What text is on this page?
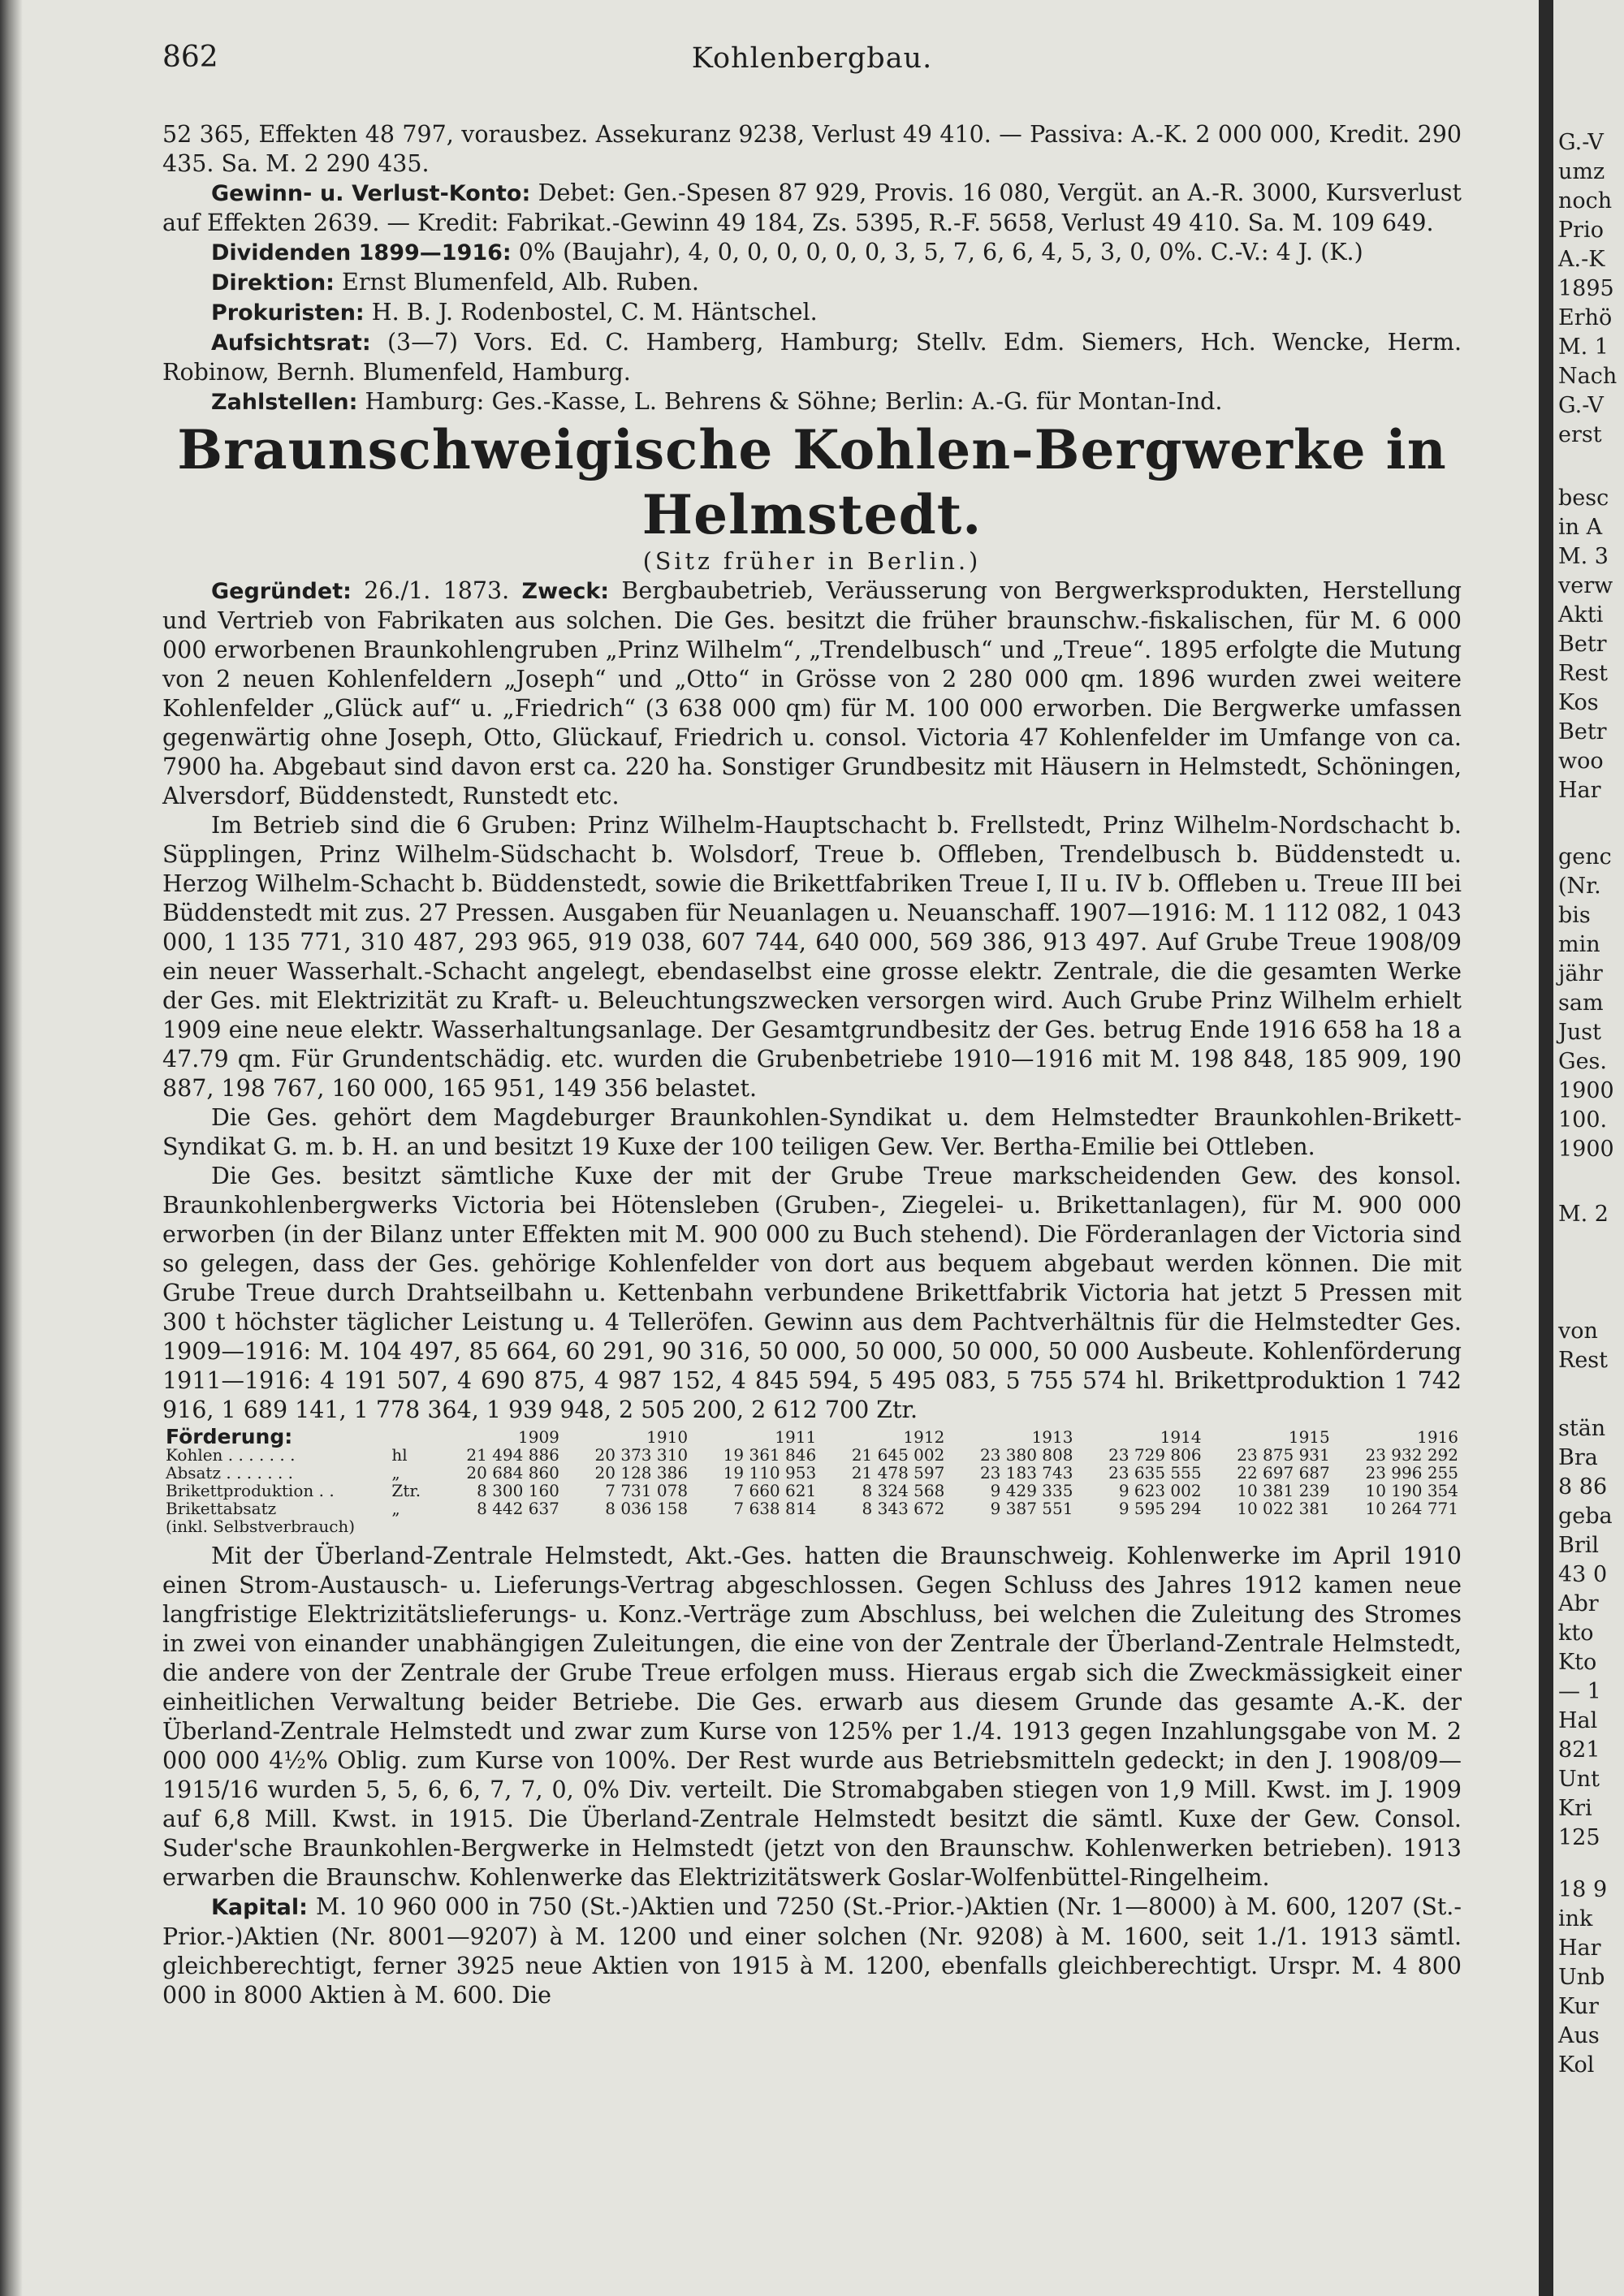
862	Kohlenbergbau.

52 365, Effekten 48 797, vorausbez. Assekuranz 9238, Verlust 49 410. — Passiva: A.-K. 2 000 000, Kredit. 290 435. Sa. M. 2 290 435.

Gewinn- u. Verlust-Konto: Debet: Gen.-Spesen 87 929, Provis. 16 080, Vergüt. an A.-R. 3000, Kursverlust auf Effekten 2639. — Kredit: Fabrikat.-Gewinn 49 184, Zs. 5395, R.-F. 5658, Verlust 49 410. Sa. M. 109 649.

Dividenden 1899—1916: 0% (Baujahr), 4, 0, 0, 0, 0, 0, 0, 3, 5, 7, 6, 6, 4, 5, 3, 0, 0%. C.-V.: 4 J. (K.)

Direktion: Ernst Blumenfeld, Alb. Ruben.

Prokuristen: H. B. J. Rodenbostel, C. M. Häntschel.

Aufsichtsrat: (3—7) Vors. Ed. C. Hamberg, Hamburg; Stellv. Edm. Siemers, Hch. Wencke, Herm. Robinow, Bernh. Blumenfeld, Hamburg.

Zahlstellen: Hamburg: Ges.-Kasse, L. Behrens & Söhne; Berlin: A.-G. für Montan-Ind.

Braunschweigische Kohlen-Bergwerke in Helmstedt.

(Sitz früher in Berlin.)

Gegründet: 26./1. 1873. Zweck: Bergbaubetrieb, Veräusserung von Bergwerksprodukten, Herstellung und Vertrieb von Fabrikaten aus solchen. Die Ges. besitzt die früher braunschw.-fiskalischen, für M. 6 000 000 erworbenen Braunkohlengruben „Prinz Wilhelm“, „Trendelbusch“ und „Treue“. 1895 erfolgte die Mutung von 2 neuen Kohlenfeldern „Joseph“ und „Otto“ in Grösse von 2 280 000 qm. 1896 wurden zwei weitere Kohlenfelder „Glück auf“ u. „Friedrich“ (3 638 000 qm) für M. 100 000 erworben. Die Bergwerke umfassen gegenwärtig ohne Joseph, Otto, Glückauf, Friedrich u. consol. Victoria 47 Kohlenfelder im Umfange von ca. 7900 ha. Abgebaut sind davon erst ca. 220 ha. Sonstiger Grundbesitz mit Häusern in Helmstedt, Schöningen, Alversdorf, Büddenstedt, Runstedt etc.

Im Betrieb sind die 6 Gruben: Prinz Wilhelm-Hauptschacht b. Frellstedt, Prinz Wilhelm-Nordschacht b. Süpplingen, Prinz Wilhelm-Südschacht b. Wolsdorf, Treue b. Offleben, Trendelbusch b. Büddenstedt u. Herzog Wilhelm-Schacht b. Büddenstedt, sowie die Brikettfabriken Treue I, II u. IV b. Offleben u. Treue III bei Büddenstedt mit zus. 27 Pressen. Ausgaben für Neuanlagen u. Neuanschaff. 1907—1916: M. 1 112 082, 1 043 000, 1 135 771, 310 487, 293 965, 919 038, 607 744, 640 000, 569 386, 913 497. Auf Grube Treue 1908/09 ein neuer Wasserhalt.-Schacht angelegt, ebendaselbst eine grosse elektr. Zentrale, die die gesamten Werke der Ges. mit Elektrizität zu Kraft- u. Beleuchtungszwecken versorgen wird. Auch Grube Prinz Wilhelm erhielt 1909 eine neue elektr. Wasserhaltungsanlage. Der Gesamtgrundbesitz der Ges. betrug Ende 1916 658 ha 18 a 47.79 qm. Für Grundentschädig. etc. wurden die Grubenbetriebe 1910—1916 mit M. 198 848, 185 909, 190 887, 198 767, 160 000, 165 951, 149 356 belastet.

Die Ges. gehört dem Magdeburger Braunkohlen-Syndikat u. dem Helmstedter Braunkohlen-Brikett-Syndikat G. m. b. H. an und besitzt 19 Kuxe der 100 teiligen Gew. Ver. Bertha-Emilie bei Ottleben.

Die Ges. besitzt sämtliche Kuxe der mit der Grube Treue markscheidenden Gew. des konsol. Braunkohlenbergwerks Victoria bei Hötensleben (Gruben-, Ziegelei- u. Brikettanlagen), für M. 900 000 erworben (in der Bilanz unter Effekten mit M. 900 000 zu Buch stehend). Die Förderanlagen der Victoria sind so gelegen, dass der Ges. gehörige Kohlenfelder von dort aus bequem abgebaut werden können. Die mit Grube Treue durch Drahtseilbahn u. Kettenbahn verbundene Brikettfabrik Victoria hat jetzt 5 Pressen mit 300 t höchster täglicher Leistung u. 4 Telleröfen. Gewinn aus dem Pachtverhältnis für die Helmstedter Ges. 1909—1916: M. 104 497, 85 664, 60 291, 90 316, 50 000, 50 000, 50 000, 50 000 Ausbeute. Kohlenförderung 1911—1916: 4 191 507, 4 690 875, 4 987 152, 4 845 594, 5 495 083, 5 755 574 hl. Brikettproduktion 1 742 916, 1 689 141, 1 778 364, 1 939 948, 2 505 200, 2 612 700 Ztr.

Förderung:		1909	1910	1911	1912	1913	1914	1915	1916
Kohlen . . . . . . .	hl	21 494 886	20 373 310	19 361 846	21 645 002	23 380 808	23 729 806	23 875 931	23 932 292
Absatz . . . . . . .	„	20 684 860	20 128 386	19 110 953	21 478 597	23 183 743	23 635 555	22 697 687	23 996 255
Brikettproduktion . .	Ztr.	8 300 160	7 731 078	7 660 621	8 324 568	9 429 335	9 623 002	10 381 239	10 190 354
Brikettabsatz	„	8 442 637	8 036 158	7 638 814	8 343 672	9 387 551	9 595 294	10 022 381	10 264 771
(inkl. Selbstverbrauch)									

Mit der Überland-Zentrale Helmstedt, Akt.-Ges. hatten die Braunschweig. Kohlenwerke im April 1910 einen Strom-Austausch- u. Lieferungs-Vertrag abgeschlossen. Gegen Schluss des Jahres 1912 kamen neue langfristige Elektrizitätslieferungs- u. Konz.-Verträge zum Abschluss, bei welchen die Zuleitung des Stromes in zwei von einander unabhängigen Zuleitungen, die eine von der Zentrale der Überland-Zentrale Helmstedt, die andere von der Zentrale der Grube Treue erfolgen muss. Hieraus ergab sich die Zweckmässigkeit einer einheitlichen Verwaltung beider Betriebe. Die Ges. erwarb aus diesem Grunde das gesamte A.-K. der Überland-Zentrale Helmstedt und zwar zum Kurse von 125% per 1./4. 1913 gegen Inzahlungsgabe von M. 2 000 000 4½% Oblig. zum Kurse von 100%. Der Rest wurde aus Betriebsmitteln gedeckt; in den J. 1908/09—1915/16 wurden 5, 5, 6, 6, 7, 7, 0, 0% Div. verteilt. Die Stromabgaben stiegen von 1,9 Mill. Kwst. im J. 1909 auf 6,8 Mill. Kwst. in 1915. Die Überland-Zentrale Helmstedt besitzt die sämtl. Kuxe der Gew. Consol. Suder'sche Braunkohlen-Bergwerke in Helmstedt (jetzt von den Braunschw. Kohlenwerken betrieben). 1913 erwarben die Braunschw. Kohlenwerke das Elektrizitätswerk Goslar-Wolfenbüttel-Ringelheim.

Kapital: M. 10 960 000 in 750 (St.-)Aktien und 7250 (St.-Prior.-)Aktien (Nr. 1—8000) à M. 600, 1207 (St.-Prior.-)Aktien (Nr. 8001—9207) à M. 1200 und einer solchen (Nr. 9208) à M. 1600, seit 1./1. 1913 sämtl. gleichberechtigt, ferner 3925 neue Aktien von 1915 à M. 1200, ebenfalls gleichberechtigt. Urspr. M. 4 800 000 in 8000 Aktien à M. 600. Die

G.-V
umz
noch
Prio
A.-K
1895
Erhö
M. 1
Nach
G.-V
erst
besc
in A
M. 3
verw
Akti
Betr
Rest
Kos
Betr
woo
Har
genc
(Nr.
bis
min
jähr
sam
Just
Ges.
1900
100.
1900
M. 2
von
Rest
stän
Bra
8 86
geba
Bril
43 0
Abr
kto
Kto
— 1
Hal
821
Unt
Kri
125
18 9
ink
Har
Unb
Kur
Aus
Kol
